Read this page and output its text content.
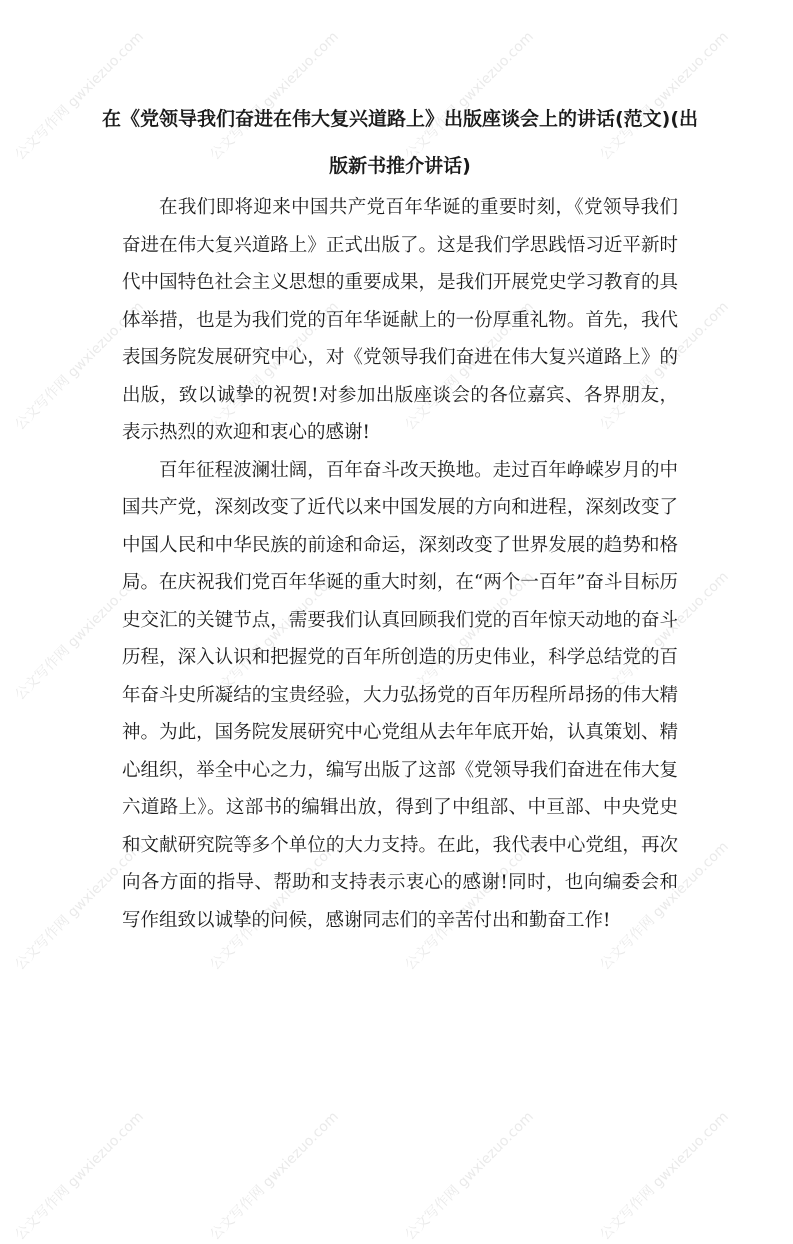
公文写作网 gwxiezuo.com	公文写作网 gwxiezuo.com	公文写作网 gwxiezuo.com	公文写作网 gwxiezuo.com
公文写作网 gwxiezuo.com	公文写作网 gwxiezuo.com	公文写作网 gwxiezuo.com	公文写作网 gwxiezuo.com
公文写作网 gwxiezuo.com	公文写作网 gwxiezuo.com	公文写作网 gwxiezuo.com	公文写作网 gwxiezuo.com
公文写作网 gwxiezuo.com	公文写作网 gwxiezuo.com	公文写作网 gwxiezuo.com	公文写作网 gwxiezuo.com
公文写作网 gwxiezuo.com	公文写作网 gwxiezuo.com	公文写作网 gwxiezuo.com	公文写作网 gwxiezuo.com
在《党领导我们奋进在伟大复兴道路上》出版座谈会上的讲话(范文)(出版新书推介讲话)

在我们即将迎来中国共产党百年华诞的重要时刻，《党领导我们奋进在伟大复兴道路上》正式出版了。这是我们学思践悟习近平新时代中国特色社会主义思想的重要成果，是我们开展党史学习教育的具体举措，也是为我们党的百年华诞献上的一份厚重礼物。首先，我代表国务院发展研究中心，对《党领导我们奋进在伟大复兴道路上》的出版，致以诚挚的祝贺!对参加出版座谈会的各位嘉宾、各界朋友，表示热烈的欢迎和衷心的感谢!

百年征程波澜壮阔，百年奋斗改天换地。走过百年峥嵘岁月的中国共产党，深刻改变了近代以来中国发展的方向和进程，深刻改变了中国人民和中华民族的前途和命运，深刻改变了世界发展的趋势和格局。在庆祝我们党百年华诞的重大时刻，在“两个一百年”奋斗目标历史交汇的关键节点，需要我们认真回顾我们党的百年惊天动地的奋斗历程，深入认识和把握党的百年所创造的历史伟业，科学总结党的百年奋斗史所凝结的宝贵经验，大力弘扬党的百年历程所昂扬的伟大精神。为此，国务院发展研究中心党组从去年年底开始，认真策划、精心组织，举全中心之力，编写出版了这部《党领导我们奋进在伟大复六道路上》。这部书的编辑出放，得到了中组部、中亘部、中央党史和文献研究院等多个单位的大力支持。在此，我代表中心党组，再次向各方面的指导、帮助和支持表示衷心的感谢!同时，也向编委会和写作组致以诚挚的问候，感谢同志们的辛苦付出和勤奋工作!
